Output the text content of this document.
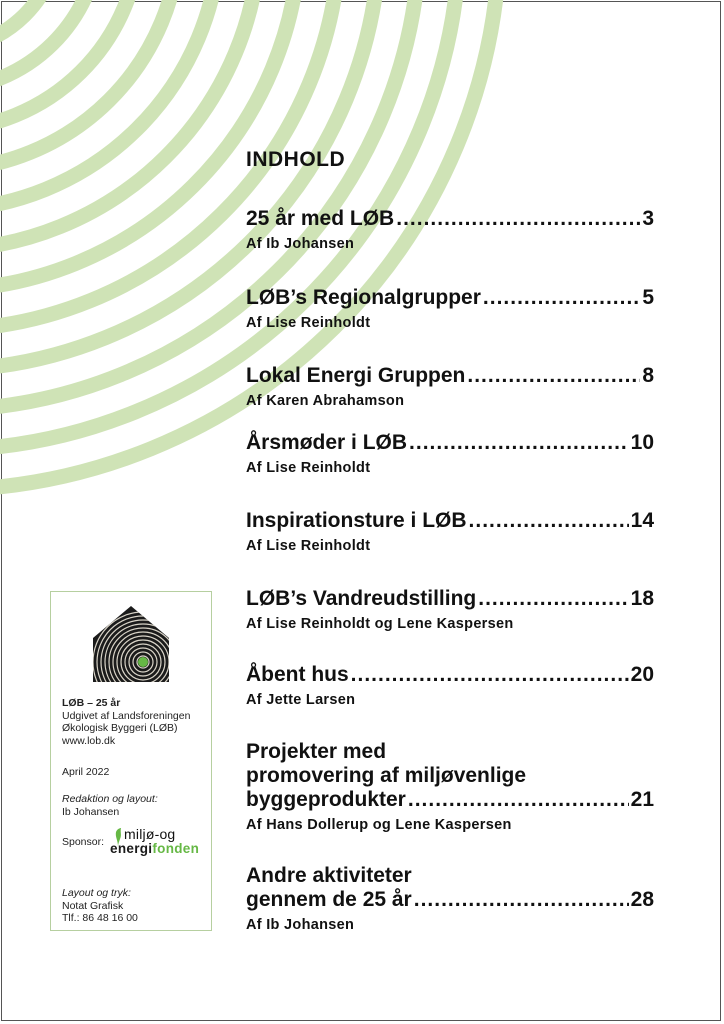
INDHOLD
25 år med LØB .....	3
Af Ib Johansen
LØB’s Regionalgrupper .....	5
Af Lise Reinholdt
Lokal Energi Gruppen .....	8
Af Karen Abrahamson
Årsmøder i LØB .....	10
Af Lise Reinholdt
Inspirationsture i LØB .....	14
Af Lise Reinholdt
LØB’s Vandreudstilling .....	18
Af Lise Reinholdt og Lene Kaspersen
Åbent hus .....	20
Af Jette Larsen
Projekter med
promovering af miljøvenlige
byggeprodukter .....	21
Af Hans Dollerup og Lene Kaspersen
Andre aktiviteter
gennem de 25 år .....	28
Af Ib Johansen
LØB – 25 år
Udgivet af Landsforeningen
Økologisk Byggeri (LØB)
www.lob.dk
April 2022
Redaktion og layout:
Ib Johansen
Sponsor: miljø-og
energifonden
Layout og tryk:
Notat Grafisk
Tlf.: 86 48 16 00
